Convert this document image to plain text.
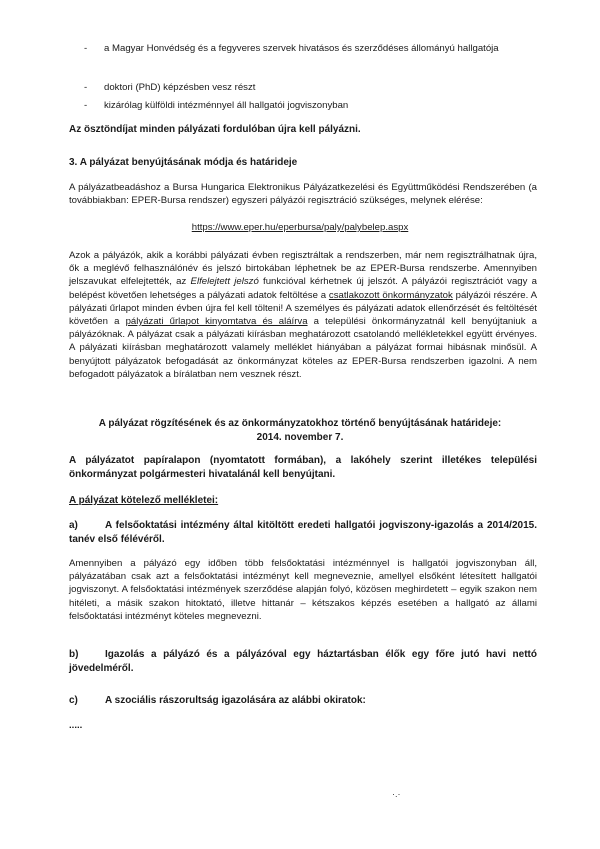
- a Magyar Honvédség és a fegyveres szervek hivatásos és szerződéses állományú hallgatója
- doktori (PhD) képzésben vesz részt
- kizárólag külföldi intézménnyel áll hallgatói jogviszonyban
Az ösztöndíjat minden pályázati fordulóban újra kell pályázni.
3. A pályázat benyújtásának módja és határideje
A pályázatbeadáshoz a Bursa Hungarica Elektronikus Pályázatkezelési és Együttműködési Rendszerében (a továbbiakban: EPER-Bursa rendszer) egyszeri pályázói regisztráció szükséges, melynek elérése:
https://www.eper.hu/eperbursa/paly/palybelep.aspx
Azok a pályázók, akik a korábbi pályázati évben regisztráltak a rendszerben, már nem regisztrálhatnak újra, ők a meglévő felhasználónév és jelszó birtokában léphetnek be az EPER-Bursa rendszerbe. Amennyiben jelszavukat elfelejtették, az Elfelejtett jelszó funkcióval kérhetnek új jelszót. A pályázói regisztrációt vagy a belépést követően lehetséges a pályázati adatok feltöltése a csatlakozott önkormányzatok pályázói részére. A pályázati űrlapot minden évben újra fel kell tölteni! A személyes és pályázati adatok ellenőrzését és feltöltését követően a pályázati űrlapot kinyomtatva és aláírva a települési önkormányzatnál kell benyújtaniuk a pályázóknak. A pályázat csak a pályázati kiírásban meghatározott csatolandó mellékletekkel együtt érvényes. A pályázati kiírásban meghatározott valamely melléklet hiányában a pályázat formai hibásnak minősül. A benyújtott pályázatok befogadását az önkormányzat köteles az EPER-Bursa rendszerben igazolni. A nem befogadott pályázatok a bírálatban nem vesznek részt.
A pályázat rögzítésének és az önkormányzatokhoz történő benyújtásának határideje: 2014. november 7.
A pályázatot papíralapon (nyomtatott formában), a lakóhely szerint illetékes települési önkormányzat polgármesteri hivatalánál kell benyújtani.
A pályázat kötelező mellékletei:
a)	A felsőoktatási intézmény által kitöltött eredeti hallgatói jogviszony-igazolás a 2014/2015. tanév első félévéről.
Amennyiben a pályázó egy időben több felsőoktatási intézménnyel is hallgatói jogviszonyban áll, pályázatában csak azt a felsőoktatási intézményt kell megneveznie, amellyel elsőként létesített hallgatói jogviszonyt. A felsőoktatási intézmények szerződése alapján folyó, közösen meghirdetett – egyik szakon nem hitéleti, a másik szakon hitoktató, illetve hittanár – kétszakos képzés esetében a hallgató az állami felsőoktatási intézményt köteles megnevezni.
b)	Igazolás a pályázó és a pályázóval egy háztartásban élők egy főre jutó havi nettó jövedelméről.
c)	A szociális rászorultság igazolására az alábbi okiratok:
.....
·.·
